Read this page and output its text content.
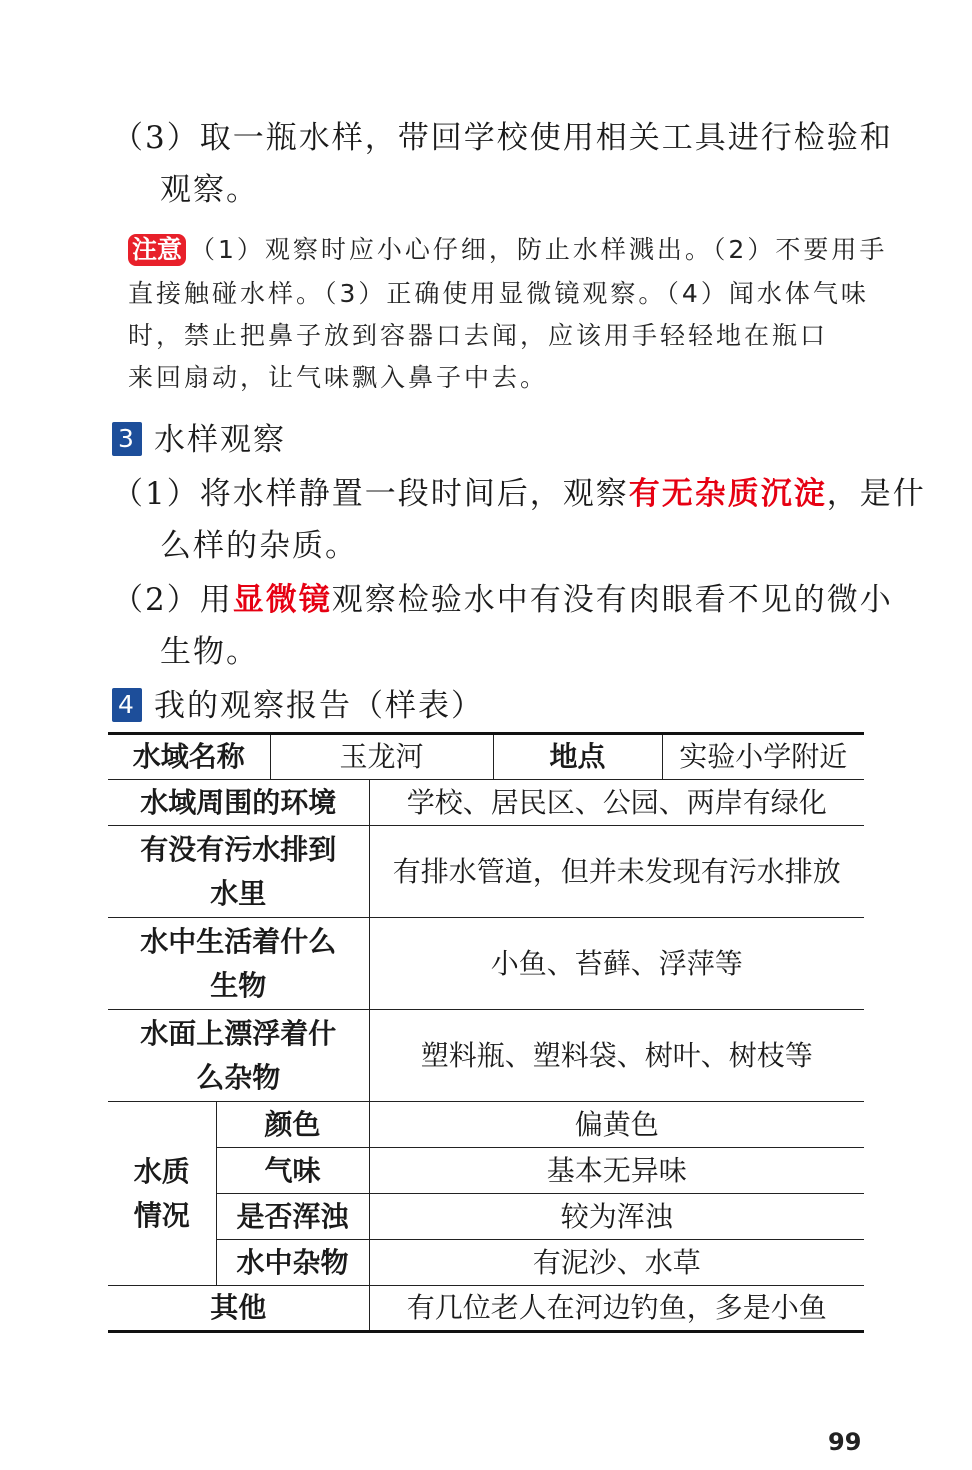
（3）取一瓶水样，带回学校使用相关工具进行检验和
观察。
注意 （1）观察时应小心仔细，防止水样溅出。（2）不要用手
直接触碰水样。（3）正确使用显微镜观察。（4）闻水体气味
时，禁止把鼻子放到容器口去闻，应该用手轻轻地在瓶口
来回扇动，让气味飘入鼻子中去。
3 水样观察
（1）将水样静置一段时间后，观察有无杂质沉淀，是什
么样的杂质。
（2）用显微镜观察检验水中有没有肉眼看不见的微小
生物。
4 我的观察报告（样表）
水域名称		玉龙河		地点	实验小学附近
水域周围的环境			学校、居民区、公园、两岸有绿化		

有没有污水排到
水里			有排水管道，但并未发现有污水排放		

水中生活着什么
生物			小鱼、苔藓、浮萍等		

水面上漂浮着什
么杂物			塑料瓶、塑料袋、树叶、树枝等		

水质
情况	颜色		偏黄色		
	气味		基本无异味		
	是否浑浊		较为浑浊		
	水中杂物		有泥沙、水草		
其他			有几位老人在河边钓鱼，多是小鱼		
99
